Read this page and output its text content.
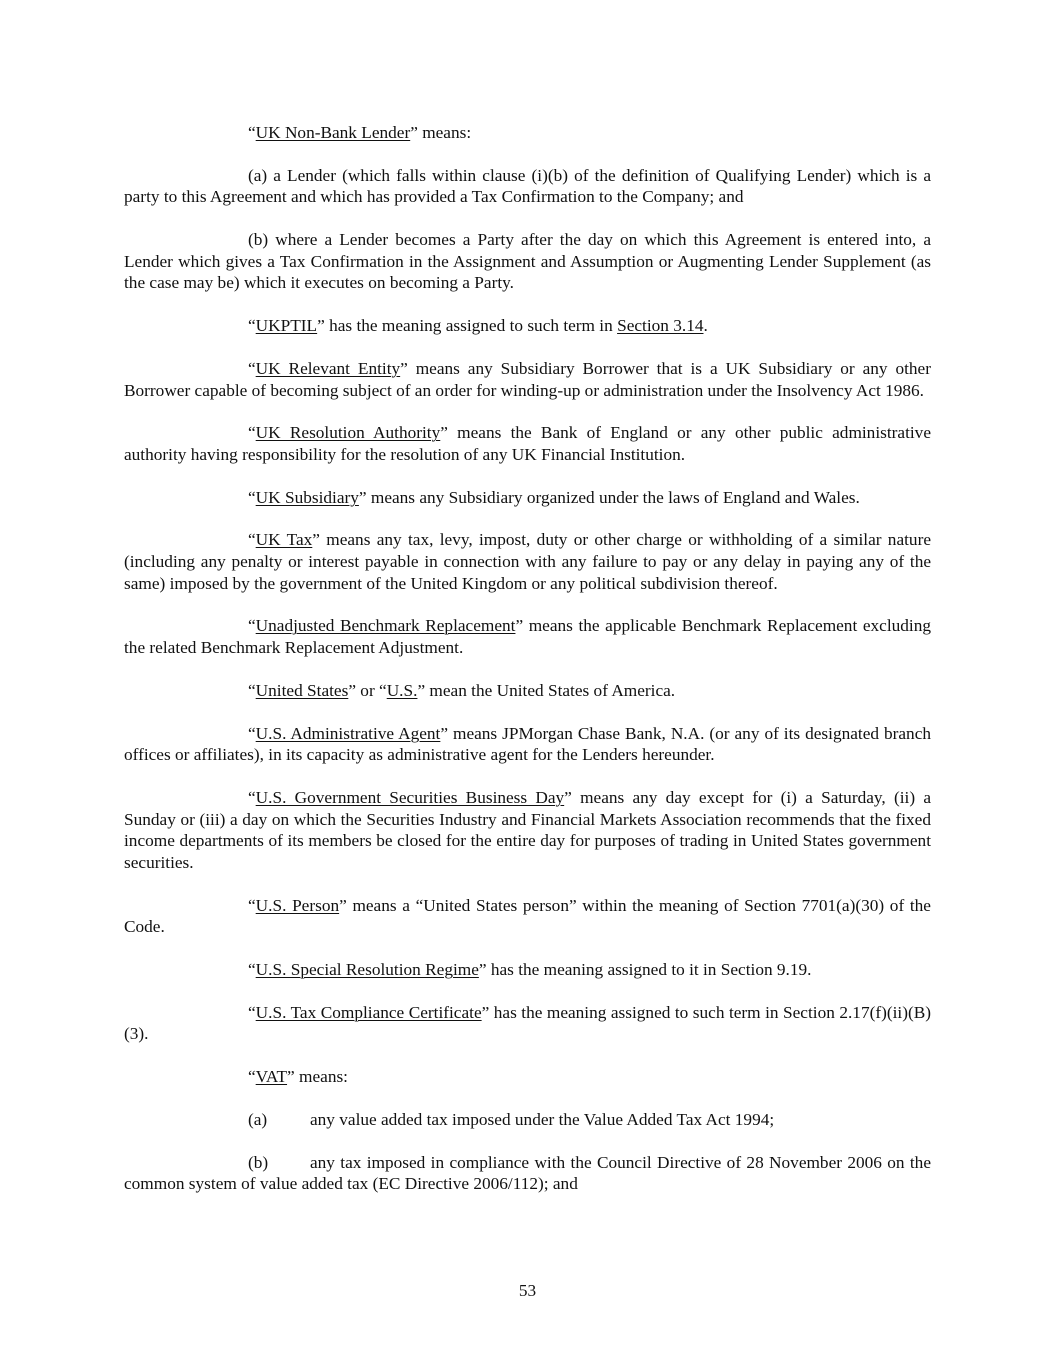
“UK Non-Bank Lender” means:

(a) a Lender (which falls within clause (i)(b) of the definition of Qualifying Lender) which is a party to this Agreement and which has provided a Tax Confirmation to the Company; and

(b) where a Lender becomes a Party after the day on which this Agreement is entered into, a Lender which gives a Tax Confirmation in the Assignment and Assumption or Augmenting Lender Supplement (as the case may be) which it executes on becoming a Party.

“UKPTIL” has the meaning assigned to such term in Section 3.14.

“UK Relevant Entity” means any Subsidiary Borrower that is a UK Subsidiary or any other Borrower capable of becoming subject of an order for winding-up or administration under the Insolvency Act 1986.

“UK Resolution Authority” means the Bank of England or any other public administrative authority having responsibility for the resolution of any UK Financial Institution.

“UK Subsidiary” means any Subsidiary organized under the laws of England and Wales.

“UK Tax” means any tax, levy, impost, duty or other charge or withholding of a similar nature (including any penalty or interest payable in connection with any failure to pay or any delay in paying any of the same) imposed by the government of the United Kingdom or any political subdivision thereof.

“Unadjusted Benchmark Replacement” means the applicable Benchmark Replacement excluding the related Benchmark Replacement Adjustment.

“United States” or “U.S.” mean the United States of America.

“U.S. Administrative Agent” means JPMorgan Chase Bank, N.A. (or any of its designated branch offices or affiliates), in its capacity as administrative agent for the Lenders hereunder.

“U.S. Government Securities Business Day” means any day except for (i) a Saturday, (ii) a Sunday or (iii) a day on which the Securities Industry and Financial Markets Association recommends that the fixed income departments of its members be closed for the entire day for purposes of trading in United States government securities.

“U.S. Person” means a “United States person” within the meaning of Section 7701(a)(30) of the Code.

“U.S. Special Resolution Regime” has the meaning assigned to it in Section 9.19.

“U.S. Tax Compliance Certificate” has the meaning assigned to such term in Section 2.17(f)(ii)(B)(3).

“VAT” means:

(a) any value added tax imposed under the Value Added Tax Act 1994;

(b) any tax imposed in compliance with the Council Directive of 28 November 2006 on the common system of value added tax (EC Directive 2006/112); and

53
